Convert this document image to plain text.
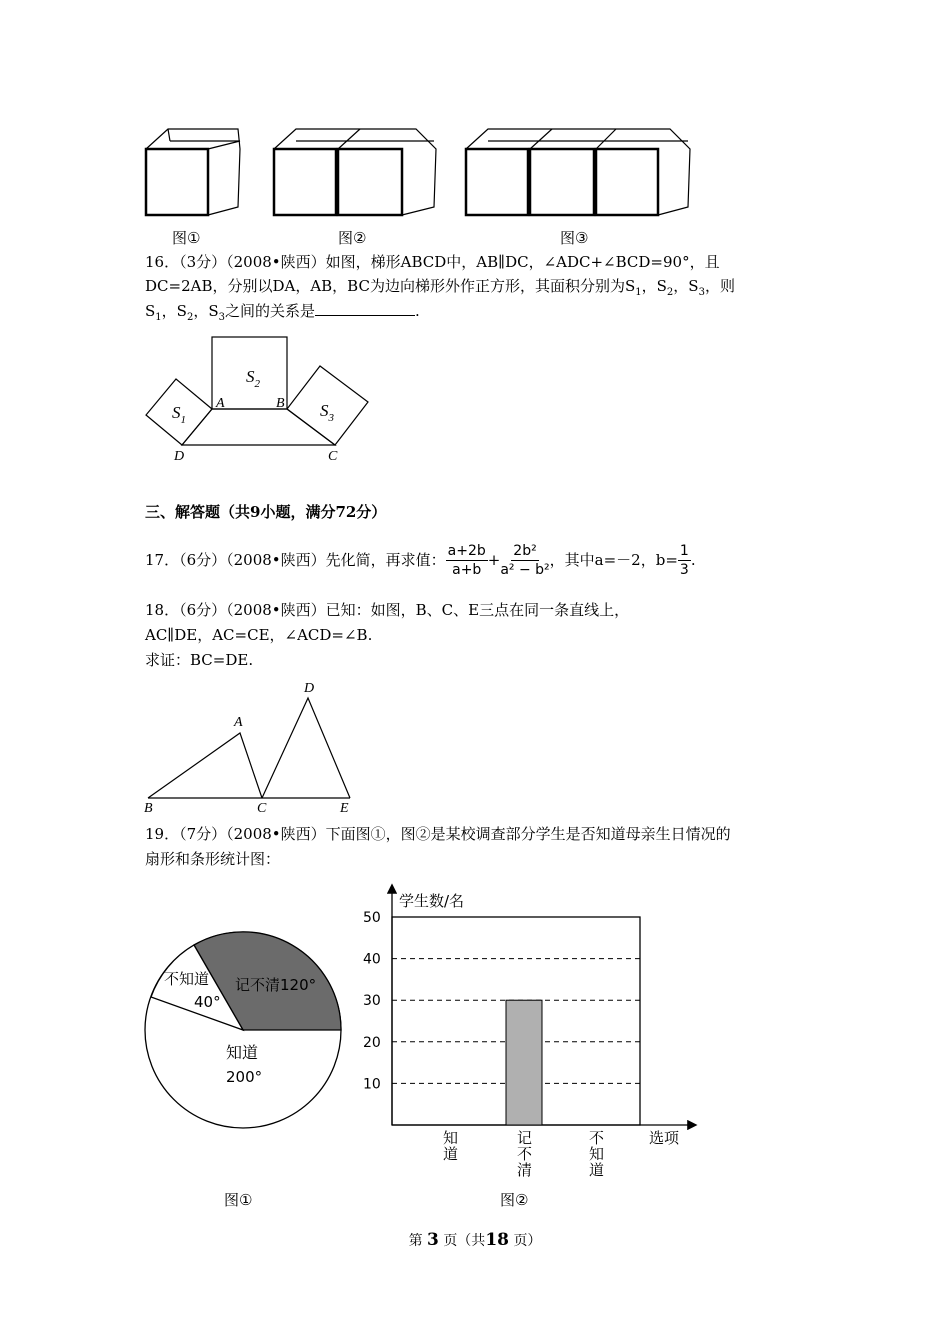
图①	图②	图③
16．（3分）（2008•陕西）如图，梯形ABCD中，AB∥DC，∠ADC+∠BCD=90°，且
DC=2AB，分别以DA，AB，BC为边向梯形外作正方形，其面积分别为$S_1$，$S_2$，$S_3$，则
$S_1$，$S_2$，$S_3$之间的关系是	.
$S_2$
$S_1$	$S_3$
A	B
D	C
三、解答题（共9小题，满分72分）
17．（6分）（2008•陕西）先化简，再求值： $\frac{a+2b}{a+b} + \frac{\text{2b²}}{\text{a² − b²}}$ ，其中a=－2，$b= \frac{1}{3}$ .
18．（6分）（2008•陕西）已知：如图，B、C、E三点在同一条直线上，
AC∥DE，AC=CE，∠ACD=∠B.
求证：BC=DE.
A
D
B	C	E
19．（7分）（2008•陕西）下面图①，图②是某校调查部分学生是否知道母亲生日情况的
扇形和条形统计图：
记不清120°
不知道
40°
知道
200°
图①
10
20
30
40
50
知道
记不清
不知道
学生数/名
选项
图②
第 3 页（共18 页）
